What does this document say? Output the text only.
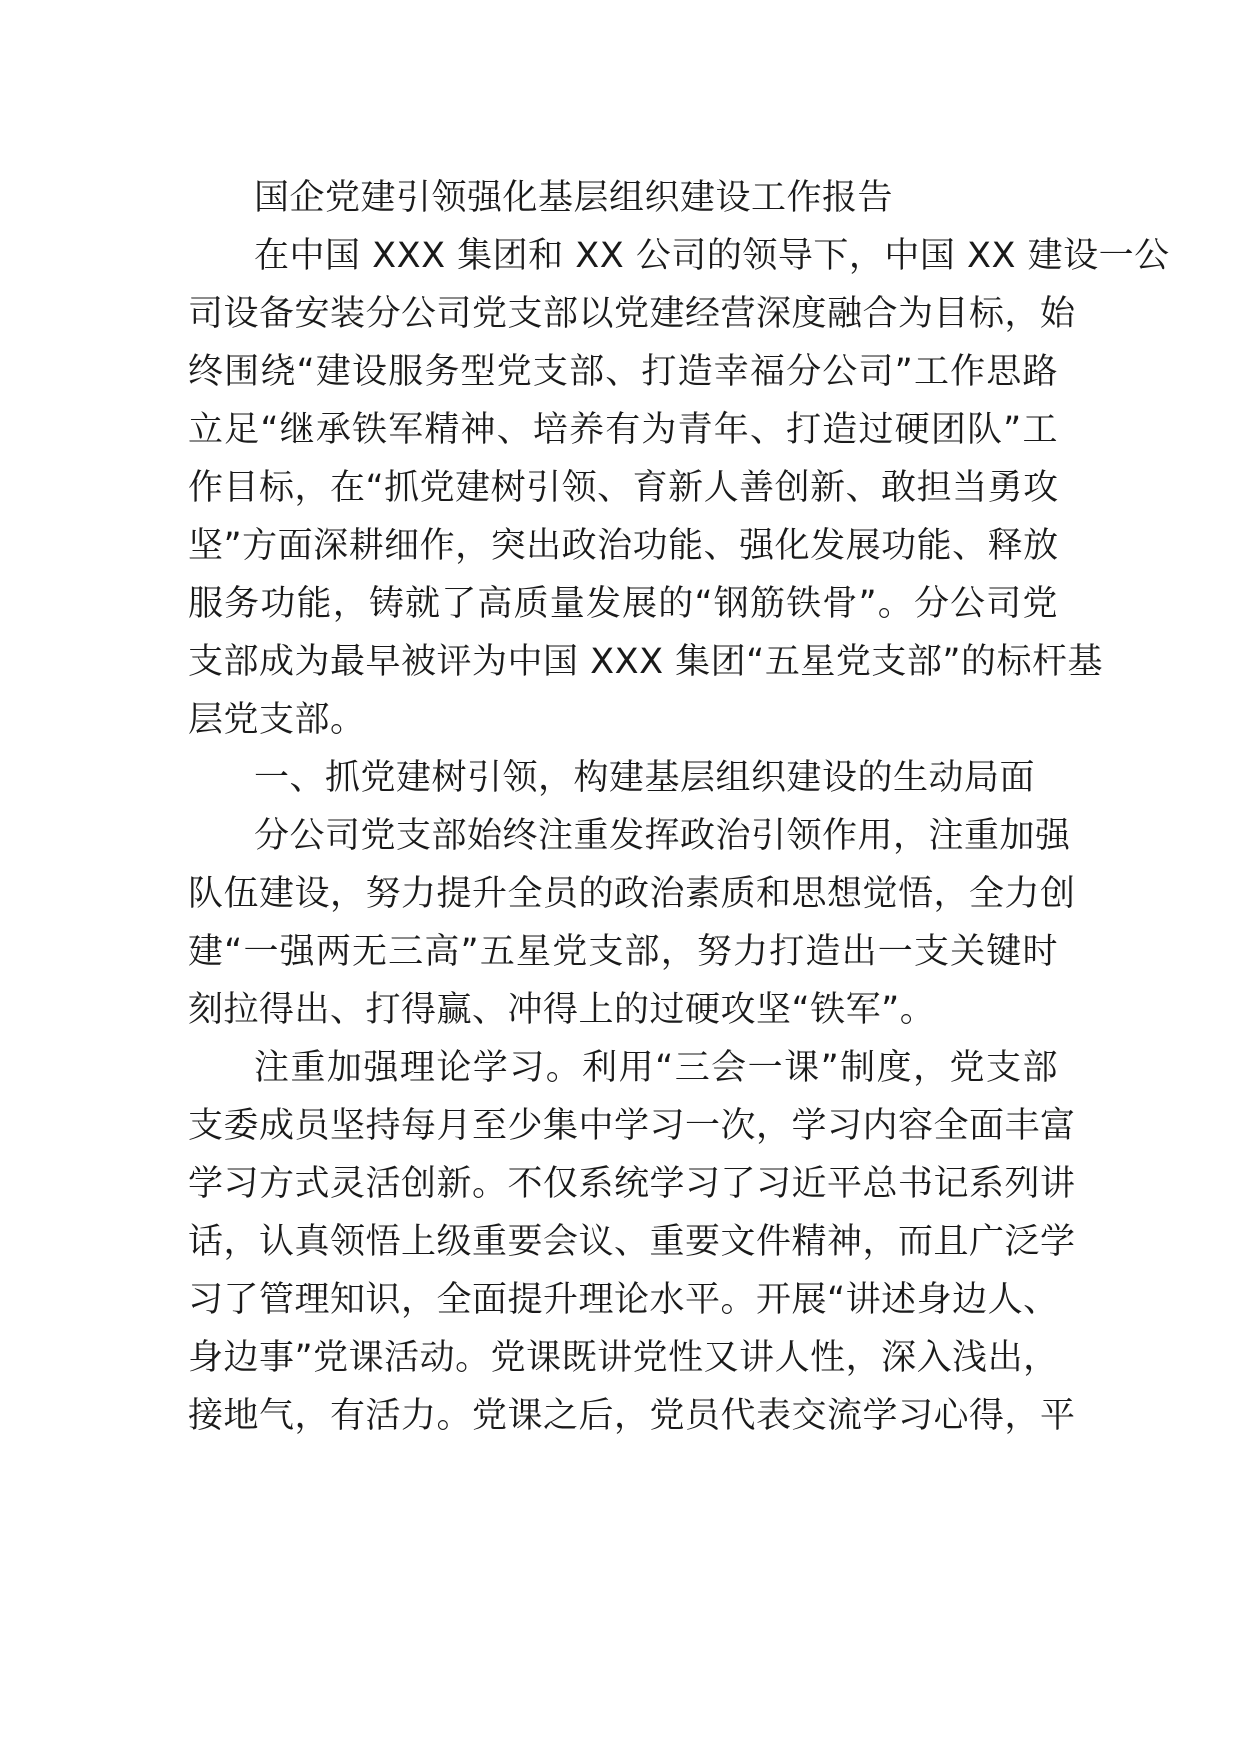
国企党建引领强化基层组织建设工作报告
在中国 XXX 集团和 XX 公司的领导下，中国 XX 建设一公
司设备安装分公司党支部以党建经营深度融合为目标，始
终围绕“建设服务型党支部、打造幸福分公司”工作思路
立足“继承铁军精神、培养有为青年、打造过硬团队”工
作目标，在“抓党建树引领、育新人善创新、敢担当勇攻
坚”方面深耕细作，突出政治功能、强化发展功能、释放
服务功能，铸就了高质量发展的“钢筋铁骨”。分公司党
支部成为最早被评为中国 XXX 集团“五星党支部”的标杆基
层党支部。
一、抓党建树引领，构建基层组织建设的生动局面
分公司党支部始终注重发挥政治引领作用，注重加强
队伍建设，努力提升全员的政治素质和思想觉悟，全力创
建“一强两无三高”五星党支部，努力打造出一支关键时
刻拉得出、打得赢、冲得上的过硬攻坚“铁军”。
注重加强理论学习。利用“三会一课”制度，党支部
支委成员坚持每月至少集中学习一次，学习内容全面丰富
学习方式灵活创新。不仅系统学习了习近平总书记系列讲
话，认真领悟上级重要会议、重要文件精神，而且广泛学
习了管理知识，全面提升理论水平。开展“讲述身边人、
身边事”党课活动。党课既讲党性又讲人性，深入浅出，
接地气，有活力。党课之后，党员代表交流学习心得，平
